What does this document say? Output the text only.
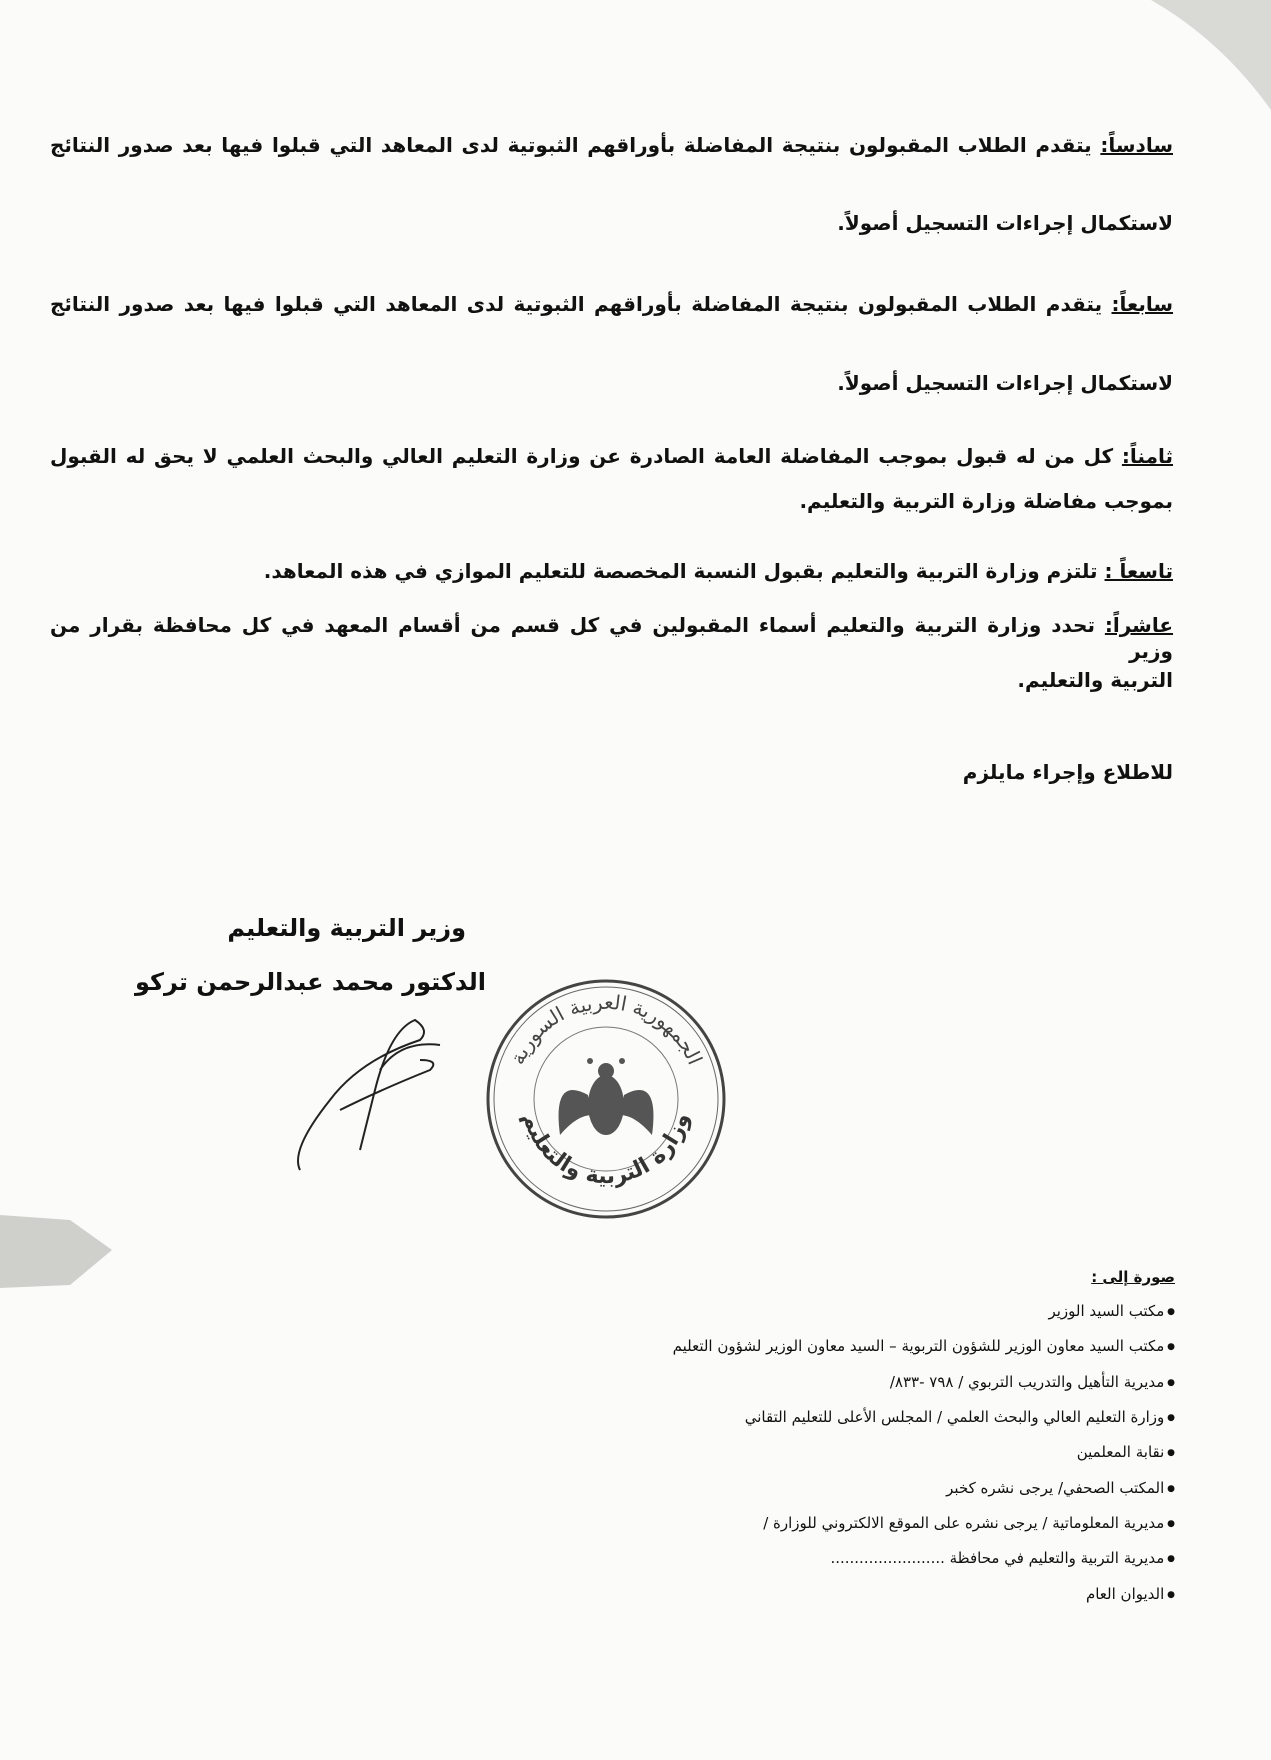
سادساً: يتقدم الطلاب المقبولون بنتيجة المفاضلة بأوراقهم الثبوتية لدى المعاهد التي قبلوا فيها بعد صدور النتائج
لاستكمال إجراءات التسجيل أصولاً.
سابعاً: يتقدم الطلاب المقبولون بنتيجة المفاضلة بأوراقهم الثبوتية لدى المعاهد التي قبلوا فيها بعد صدور النتائج
لاستكمال إجراءات التسجيل أصولاً.
ثامناً: كل من له قبول بموجب المفاضلة العامة الصادرة عن وزارة التعليم العالي والبحث العلمي لا يحق له القبول
بموجب مفاضلة وزارة التربية والتعليم.
تاسعاً : تلتزم وزارة التربية والتعليم بقبول النسبة المخصصة للتعليم الموازي في هذه المعاهد.
عاشراً: تحدد وزارة التربية والتعليم أسماء المقبولين في كل قسم من أقسام المعهد في كل محافظة بقرار من وزير
التربية والتعليم.
للاطلاع وإجراء مايلزم
وزير التربية والتعليم
الدكتور محمد عبدالرحمن تركو
الجمهورية العربية السورية
وزارة التربية والتعليم
صورة إلى :
● مكتب السيد الوزير
● مكتب السيد معاون الوزير للشؤون التربوية – السيد معاون الوزير لشؤون التعليم
● مديرية التأهيل والتدريب التربوي / ٧٩٨ -٨٣٣/
● وزارة التعليم العالي والبحث العلمي / المجلس الأعلى للتعليم التقاني
● نقابة المعلمين
● المكتب الصحفي/ يرجى نشره كخبر
● مديرية المعلوماتية / يرجى نشره على الموقع الالكتروني للوزارة /
● مديرية التربية والتعليم في محافظة ........................
● الديوان العام
